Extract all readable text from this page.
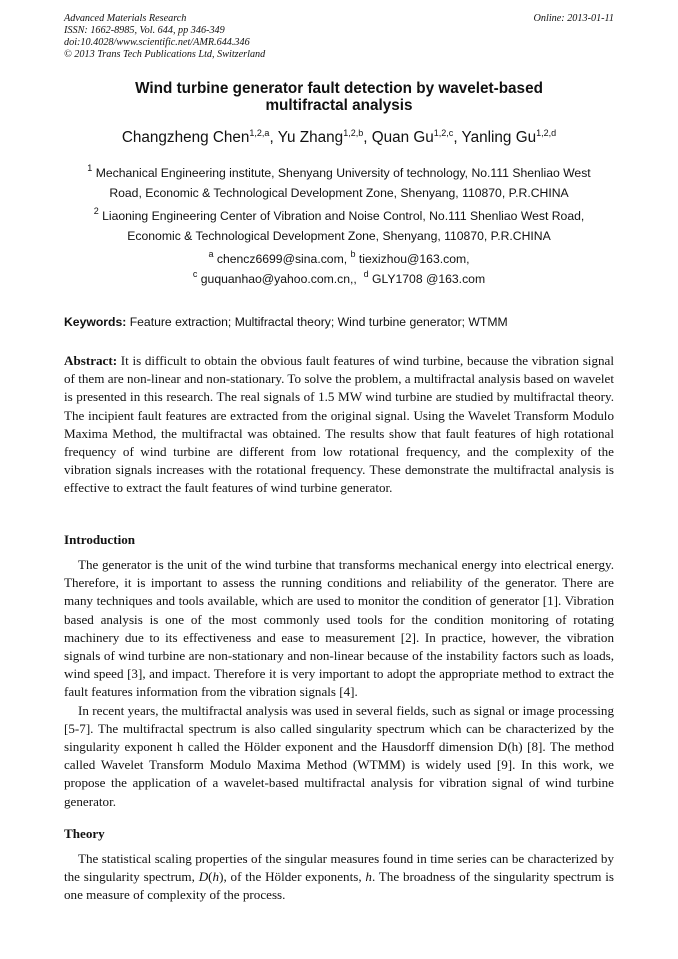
Advanced Materials Research
ISSN: 1662-8985, Vol. 644, pp 346-349
doi:10.4028/www.scientific.net/AMR.644.346
© 2013 Trans Tech Publications Ltd, Switzerland
Online: 2013-01-11
Wind turbine generator fault detection by wavelet-based
multifractal analysis
Changzheng Chen$^{1,2,a}$, Yu Zhang$^{1,2,b}$, Quan Gu$^{1,2,c}$, Yanling Gu$^{1,2,d}$
$^1$ Mechanical Engineering institute, Shenyang University of technology, No.111 Shenliao West
Road, Economic & Technological Development Zone, Shenyang, 110870, P.R.CHINA
$^2$ Liaoning Engineering Center of Vibration and Noise Control, No.111 Shenliao West Road,
Economic & Technological Development Zone, Shenyang, 110870, P.R.CHINA
$^a$ chencz6699@sina.com, $^b$ tiexizhou@163.com,
$^c$ guquanhao@yahoo.com.cn,, $^d$ GLY1708 @163.com
Keywords: Feature extraction; Multifractal theory; Wind turbine generator; WTMM
Abstract: It is difficult to obtain the obvious fault features of wind turbine, because the vibration signal of them are non-linear and non-stationary. To solve the problem, a multifractal analysis based on wavelet is presented in this research. The real signals of 1.5 MW wind turbine are studied by multifractal theory. The incipient fault features are extracted from the original signal. Using the Wavelet Transform Modulo Maxima Method, the multifractal was obtained. The results show that fault features of high rotational frequency of wind turbine are different from low rotational frequency, and the complexity of the vibration signals increases with the rotational frequency. These demonstrate the multifractal analysis is effective to extract the fault features of wind turbine generator.
Introduction
The generator is the unit of the wind turbine that transforms mechanical energy into electrical energy. Therefore, it is important to assess the running conditions and reliability of the generator. There are many techniques and tools available, which are used to monitor the condition of generator [1]. Vibration based analysis is one of the most commonly used tools for the condition monitoring of rotating machinery due to its effectiveness and ease to measurement [2]. In practice, however, the vibration signals of wind turbine are non-stationary and non-linear because of the instability factors such as loads, wind speed [3], and impact. Therefore it is very important to adopt the appropriate method to extract the fault features information from the vibration signals [4].
In recent years, the multifractal analysis was used in several fields, such as signal or image processing [5-7]. The multifractal spectrum is also called singularity spectrum which can be characterized by the singularity exponent h called the Hölder exponent and the Hausdorff dimension D(h) [8]. The method called Wavelet Transform Modulo Maxima Method (WTMM) is widely used [9]. In this work, we propose the application of a wavelet-based multifractal analysis for vibration signal of wind turbine generator.
Theory
The statistical scaling properties of the singular measures found in time series can be characterized by the singularity spectrum, D(h), of the Hölder exponents, h. The broadness of the singularity spectrum is one measure of complexity of the process.
